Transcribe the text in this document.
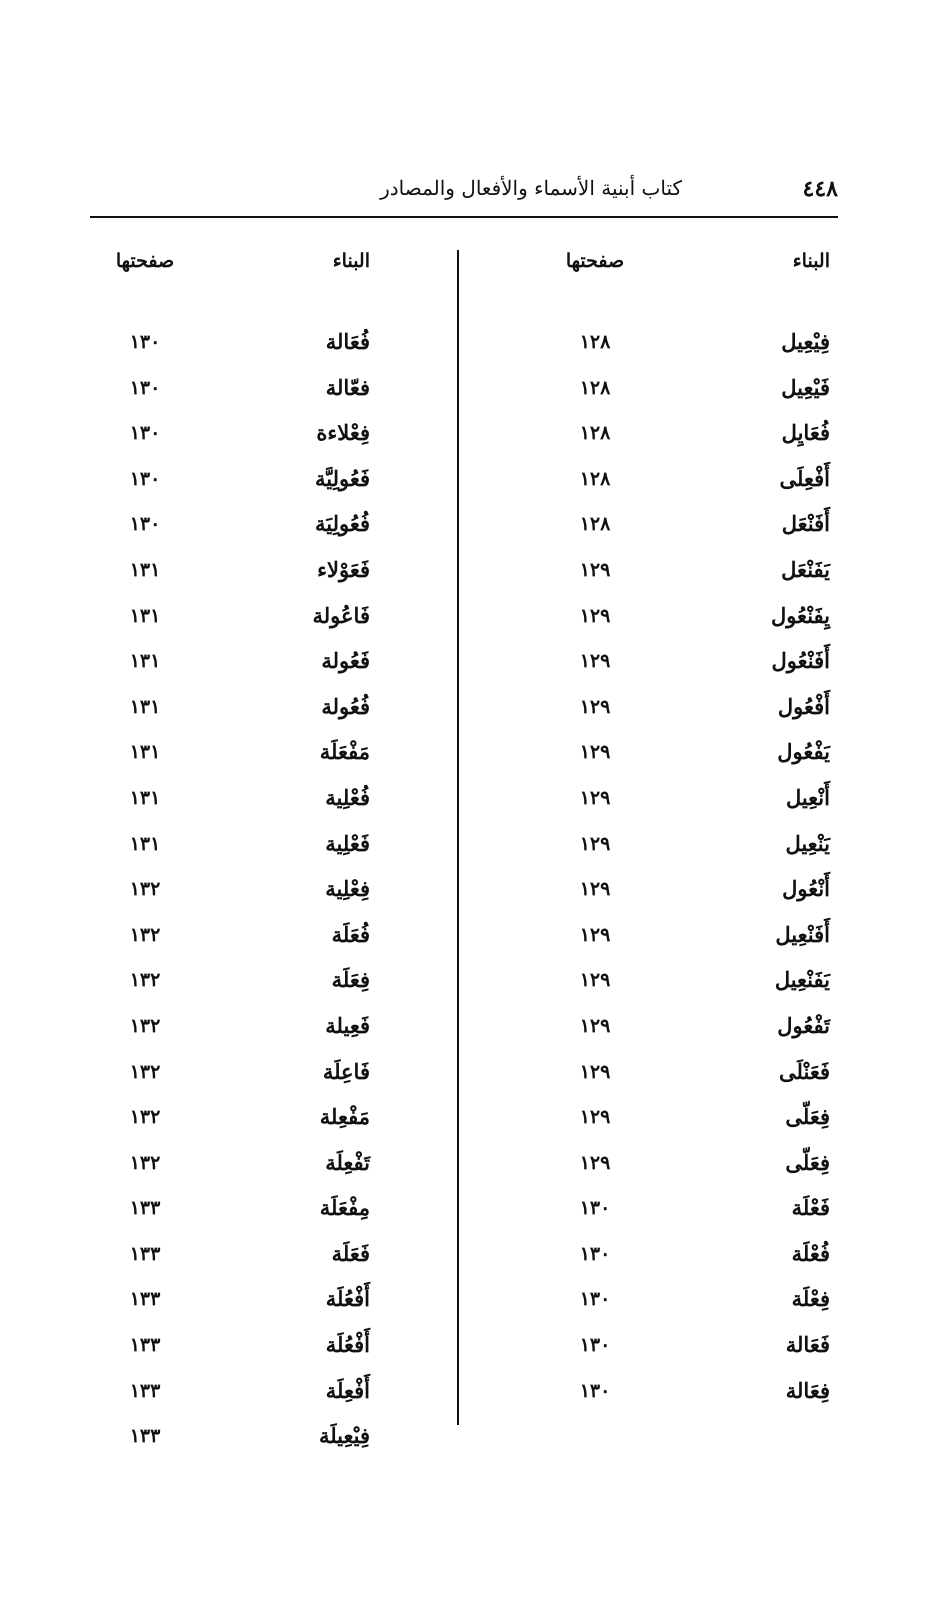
٤٤٨
كتاب أبنية الأسماء والأفعال والمصادر
البناء
صفحتها
فِيْعِيل
١٢٨
فَيْعِيل
١٢٨
فُعَايِل
١٢٨
أَفْعِلَى
١٢٨
أَفَنْعَل
١٢٨
يَفَنْعَل
١٢٩
يِفَنْعُول
١٢٩
أَفَنْعُول
١٢٩
أَفْعُول
١٢٩
يَفْعُول
١٢٩
أَنْعِيل
١٢٩
يَنْعِيل
١٢٩
أَنْعُول
١٢٩
أَفَنْعِيل
١٢٩
يَفَنْعِيل
١٢٩
تَفْعُول
١٢٩
فَعَنْلَى
١٢٩
فِعَلّى
١٢٩
فِعَلّى
١٢٩
فَعْلَة
١٣٠
فُعْلَة
١٣٠
فِعْلَة
١٣٠
فَعَالة
١٣٠
فِعَالة
١٣٠
البناء
صفحتها
فُعَالة
١٣٠
فعّالة
١٣٠
فِعْلاءة
١٣٠
فَعُولِيَّة
١٣٠
فُعُولِيَة
١٣٠
فَعَوْلاء
١٣١
فَاعُولة
١٣١
فَعُولة
١٣١
فُعُولة
١٣١
مَفْعَلَة
١٣١
فُعْلِية
١٣١
فَعْلِية
١٣١
فِعْلِية
١٣٢
فُعَلَة
١٣٢
فِعَلَة
١٣٢
فَعِيلة
١٣٢
فَاعِلَة
١٣٢
مَفْعِلة
١٣٢
تَفْعِلَة
١٣٢
مِفْعَلَة
١٣٣
فَعَلَة
١٣٣
أَفْعُلَة
١٣٣
أَفْعُلَة
١٣٣
أَفْعِلَة
١٣٣
فِيْعِيلَة
١٣٣
